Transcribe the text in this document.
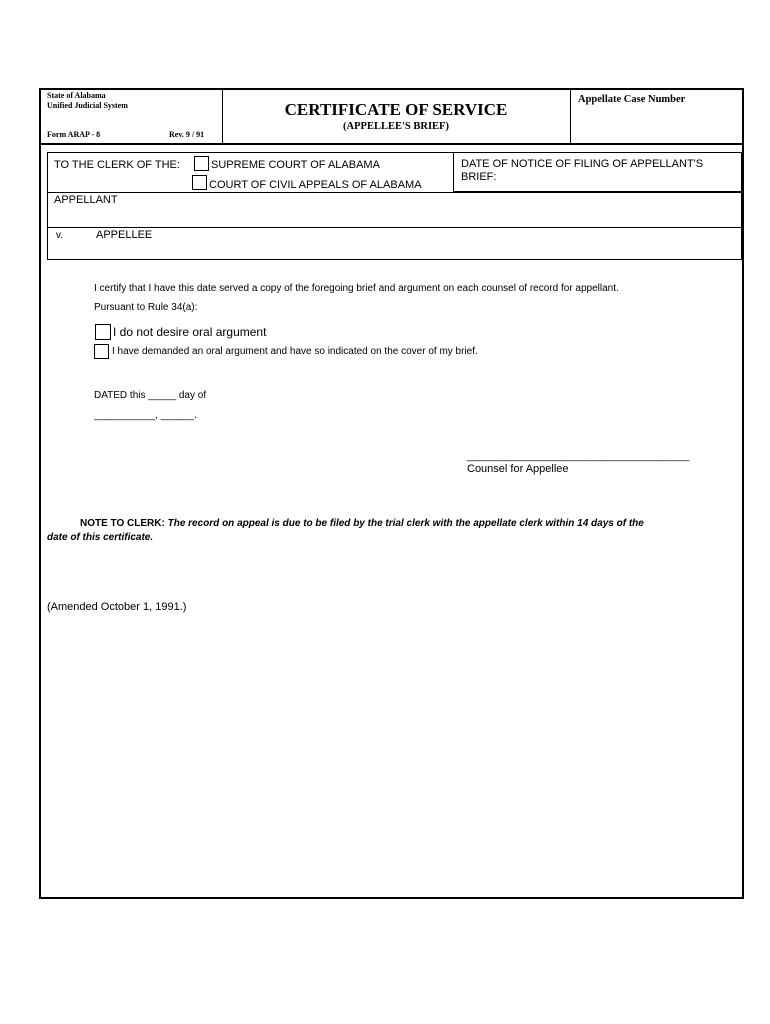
State of Alabama
Unified Judicial System
Form ARAP - 8	Rev. 9 / 91
CERTIFICATE OF SERVICE
(APPELLEE'S BRIEF)
Appellate Case Number
TO THE CLERK OF THE:	SUPREME COURT OF ALABAMA
COURT OF CIVIL APPEALS OF ALABAMA
DATE OF NOTICE OF FILING OF APPELLANT'S
BRIEF:
APPELLANT
v.	APPELLEE
I certify that I have this date served a copy of the foregoing brief and argument on each counsel of record for appellant.
Pursuant to Rule 34(a):
I do not desire oral argument
I have demanded an oral argument and have so indicated on the cover of my brief.
DATED this _____ day of
___________, ______.
________________________________________
Counsel for Appellee
NOTE TO CLERK: The record on appeal is due to be filed by the trial clerk with the appellate clerk within 14 days of the
date of this certificate.
(Amended October 1, 1991.)
